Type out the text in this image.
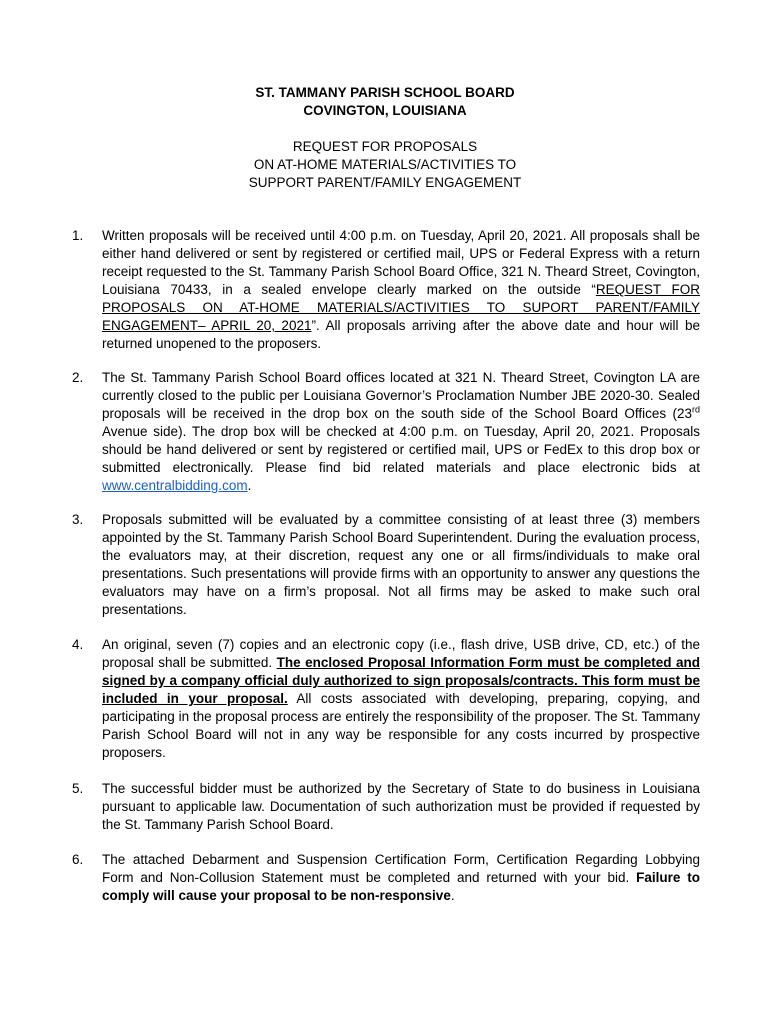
ST. TAMMANY PARISH SCHOOL BOARD
COVINGTON, LOUISIANA
REQUEST FOR PROPOSALS
ON AT-HOME MATERIALS/ACTIVITIES TO
SUPPORT PARENT/FAMILY ENGAGEMENT
1. Written proposals will be received until 4:00 p.m. on Tuesday, April 20, 2021. All proposals shall be either hand delivered or sent by registered or certified mail, UPS or Federal Express with a return receipt requested to the St. Tammany Parish School Board Office, 321 N. Theard Street, Covington, Louisiana 70433, in a sealed envelope clearly marked on the outside “REQUEST FOR PROPOSALS ON AT-HOME MATERIALS/ACTIVITIES TO SUPORT PARENT/FAMILY ENGAGEMENT– APRIL 20, 2021”. All proposals arriving after the above date and hour will be returned unopened to the proposers.
2. The St. Tammany Parish School Board offices located at 321 N. Theard Street, Covington LA are currently closed to the public per Louisiana Governor’s Proclamation Number JBE 2020-30. Sealed proposals will be received in the drop box on the south side of the School Board Offices (23rd Avenue side). The drop box will be checked at 4:00 p.m. on Tuesday, April 20, 2021. Proposals should be hand delivered or sent by registered or certified mail, UPS or FedEx to this drop box or submitted electronically. Please find bid related materials and place electronic bids at www.centralbidding.com.
3. Proposals submitted will be evaluated by a committee consisting of at least three (3) members appointed by the St. Tammany Parish School Board Superintendent. During the evaluation process, the evaluators may, at their discretion, request any one or all firms/individuals to make oral presentations. Such presentations will provide firms with an opportunity to answer any questions the evaluators may have on a firm’s proposal. Not all firms may be asked to make such oral presentations.
4. An original, seven (7) copies and an electronic copy (i.e., flash drive, USB drive, CD, etc.) of the proposal shall be submitted. The enclosed Proposal Information Form must be completed and signed by a company official duly authorized to sign proposals/contracts. This form must be included in your proposal. All costs associated with developing, preparing, copying, and participating in the proposal process are entirely the responsibility of the proposer. The St. Tammany Parish School Board will not in any way be responsible for any costs incurred by prospective proposers.
5. The successful bidder must be authorized by the Secretary of State to do business in Louisiana pursuant to applicable law. Documentation of such authorization must be provided if requested by the St. Tammany Parish School Board.
6. The attached Debarment and Suspension Certification Form, Certification Regarding Lobbying Form and Non-Collusion Statement must be completed and returned with your bid. Failure to comply will cause your proposal to be non-responsive.
